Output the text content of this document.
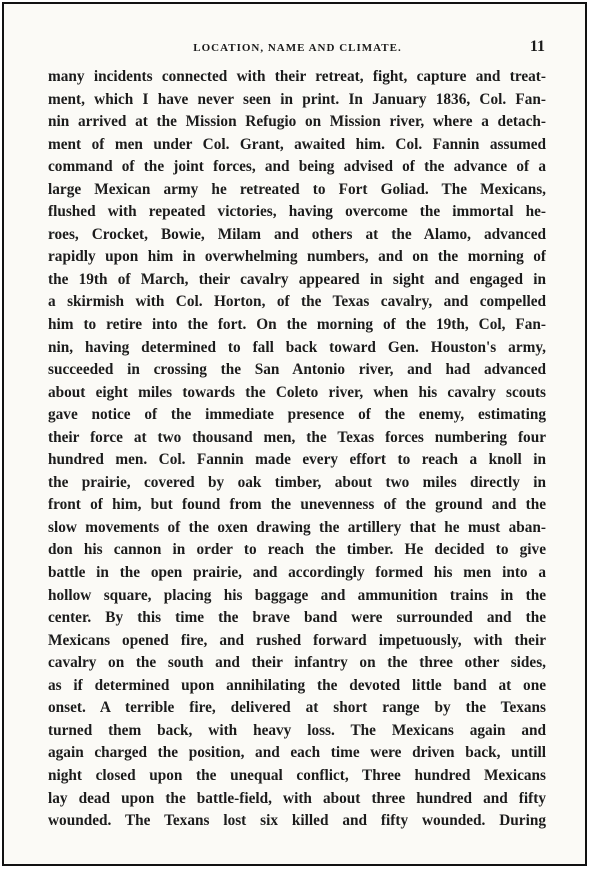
LOCATION, NAME AND CLIMATE.	11
many incidents connected with their retreat, fight, capture and treat-
ment, which I have never seen in print. In January 1836, Col. Fan-
nin arrived at the Mission Refugio on Mission river, where a detach-
ment of men under Col. Grant, awaited him. Col. Fannin assumed
command of the joint forces, and being advised of the advance of a
large Mexican army he retreated to Fort Goliad. The Mexicans,
flushed with repeated victories, having overcome the immortal he-
roes, Crocket, Bowie, Milam and others at the Alamo, advanced
rapidly upon him in overwhelming numbers, and on the morning of
the 19th of March, their cavalry appeared in sight and engaged in
a skirmish with Col. Horton, of the Texas cavalry, and compelled
him to retire into the fort. On the morning of the 19th, Col, Fan-
nin, having determined to fall back toward Gen. Houston's army,
succeeded in crossing the San Antonio river, and had advanced
about eight miles towards the Coleto river, when his cavalry scouts
gave notice of the immediate presence of the enemy, estimating
their force at two thousand men, the Texas forces numbering four
hundred men. Col. Fannin made every effort to reach a knoll in
the prairie, covered by oak timber, about two miles directly in
front of him, but found from the unevenness of the ground and the
slow movements of the oxen drawing the artillery that he must aban-
don his cannon in order to reach the timber. He decided to give
battle in the open prairie, and accordingly formed his men into a
hollow square, placing his baggage and ammunition trains in the
center. By this time the brave band were surrounded and the
Mexicans opened fire, and rushed forward impetuously, with their
cavalry on the south and their infantry on the three other sides,
as if determined upon annihilating the devoted little band at one
onset. A terrible fire, delivered at short range by the Texans
turned them back, with heavy loss. The Mexicans again and
again charged the position, and each time were driven back, untill
night closed upon the unequal conflict, Three hundred Mexicans
lay dead upon the battle-field, with about three hundred and fifty
wounded. The Texans lost six killed and fifty wounded. During
